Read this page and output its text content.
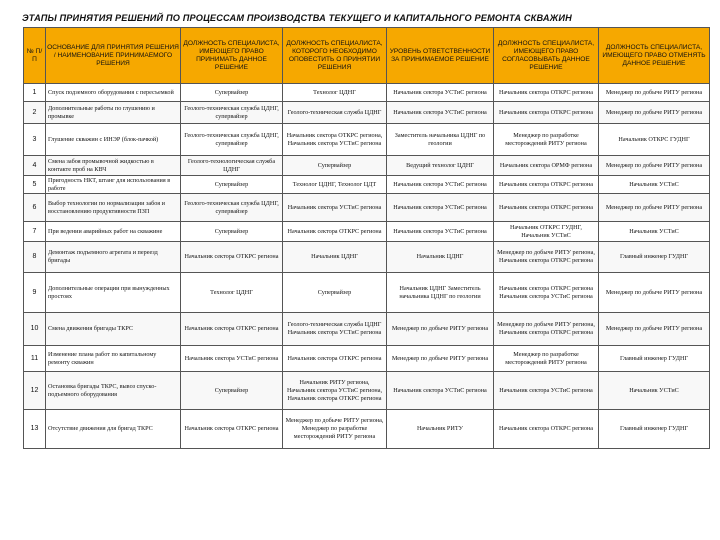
ЭТАПЫ ПРИНЯТИЯ РЕШЕНИЙ ПО ПРОЦЕССАМ ПРОИЗВОДСТВА ТЕКУЩЕГО И КАПИТАЛЬНОГО РЕМОНТА СКВАЖИН
№ П/П	ОСНОВАНИЕ ДЛЯ ПРИНЯТИЯ РЕШЕНИЯ / НАИМЕНОВАНИЕ ПРИНИМАЕМОГО РЕШЕНИЯ	ДОЛЖНОСТЬ СПЕЦИАЛИСТА, ИМЕЮЩЕГО ПРАВО ПРИНИМАТЬ ДАННОЕ РЕШЕНИЕ	ДОЛЖНОСТЬ СПЕЦИАЛИСТА, КОТОРОГО НЕОБХОДИМО ОПОВЕСТИТЬ О ПРИНЯТИИ РЕШЕНИЯ	УРОВЕНЬ ОТВЕТСТВЕННОСТИ ЗА ПРИНИМАЕМОЕ РЕШЕНИЕ	ДОЛЖНОСТЬ СПЕЦИАЛИСТА, ИМЕЮЩЕГО ПРАВО СОГЛАСОВЫВАТЬ ДАННОЕ РЕШЕНИЕ	ДОЛЖНОСТЬ СПЕЦИАЛИСТА, ИМЕЮЩЕГО ПРАВО ОТМЕНЯТЬ ДАННОЕ РЕШЕНИЕ
1	Спуск подземного оборудования с пересъемкой	Супервайзер	Технолог ЦДНГ	Начальник сектора УСТиС региона	Начальник сектора ОТКРС региона	Менеджер по добыче РИТУ региона
2	Дополнительные работы по глушению и промывке	Геолого-техническая служба ЦДНГ, супервайзер	Геолого-техническая служба ЦДНГ	Начальник сектора УСТиС региона	Начальник сектора ОТКРС региона	Менеджер по добыче РИТУ региона
3	Глушение скважин с ИНЭР (блок-пачкой)	Геолого-техническая служба ЦДНГ, супервайзер	Начальник сектора ОТКРС региона, Начальник сектора УСТиС региона	Заместитель начальника ЦДНГ по геологии	Менеджер по разработке месторождений РИТУ региона	Начальник ОТКРС ГУДНГ
4	Смена забоя промывочной жидкостью в контакте проб на КВЧ	Геолого-технологическая служба ЦДНГ	Супервайзер	Ведущий технолог ЦДНГ	Начальник сектора ОРМФ региона	Менеджер по добыче РИТУ региона
5	Пригодность НКТ, штанг для использования в работе	Супервайзер	Технолог ЦДНГ, Технолог ЦДТ	Начальник сектора УСТиС региона	Начальник сектора ОТКРС региона	Начальник УСТиС
6	Выбор технологии по нормализации забоя и восстановлению продуктивности ПЗП	Геолого-техническая служба ЦДНГ, супервайзер	Начальник сектора УСТиС региона	Начальник сектора УСТиС региона	Начальник сектора ОТКРС региона	Менеджер по добыче РИТУ региона
7	При ведении аварийных работ на скважине	Супервайзер	Начальник сектора ОТКРС региона	Начальник сектора УСТиС региона	Начальник ОТКРС ГУДНГ, Начальник УСТиС	Начальник УСТиС
8	Демонтаж подъемного агрегата и переезд бригады	Начальник сектора ОТКРС региона	Начальник ЦДНГ	Начальник ЦДНГ	Менеджер по добыче РИТУ региона, Начальник сектора ОТКРС региона	Главный инженер ГУДНГ
9	Дополнительные операции при вынужденных простоях	Технолог ЦДНГ	Супервайзер	Начальник ЦДНГ Заместитель начальника ЦДНГ по геологии	Начальник сектора ОТКРС региона Начальник сектора УСТиС региона	Менеджер по добыче РИТУ региона
10	Смена движения бригады ТКРС	Начальник сектора ОТКРС региона	Геолого-техническая служба ЦДНГ Начальник сектора УСТиС региона	Менеджер по добыче РИТУ региона	Менеджер по добыче РИТУ региона, Начальник сектора ОТКРС региона	Менеджер по добыче РИТУ региона
11	Изменение плана работ по капитальному ремонту скважин	Начальник сектора УСТиС региона	Начальник сектора ОТКРС региона	Менеджер по добыче РИТУ региона	Менеджер по разработке месторождений РИТУ региона	Главный инженер ГУДНГ
12	Остановка бригады ТКРС, вывоз спуско-подъемного оборудования	Супервайзер	Начальник РИТУ региона, Начальник сектора УСТиС региона, Начальник сектора ОТКРС региона	Начальник сектора УСТиС региона	Начальник сектора УСТиС региона	Начальник УСТиС
13	Отсутствие движения для бригад ТКРС	Начальник сектора ОТКРС региона	Менеджер по добыче РИТУ региона, Менеджер по разработке месторождений РИТУ региона	Начальник РИТУ	Начальник сектора ОТКРС региона	Главный инженер ГУДНГ
